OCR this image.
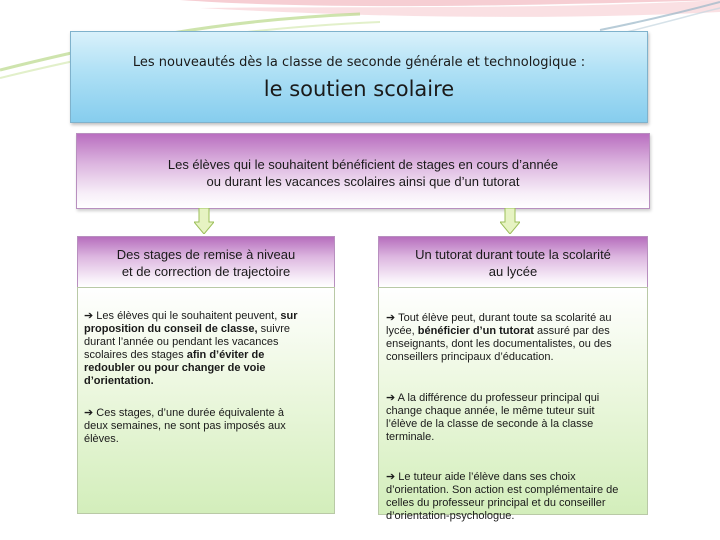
Les nouveautés dès la classe de seconde générale et technologique :
le soutien scolaire
Les élèves qui le souhaitent bénéficient de stages en cours d’année
ou durant les vacances scolaires ainsi que d’un tutorat
Des stages de remise à niveau
et de correction de trajectoire
➔ Les élèves qui le souhaitent peuvent, sur
proposition du conseil de classe, suivre
durant l’année ou pendant les vacances
scolaires des stages afin d’éviter de
redoubler ou pour changer de voie
d’orientation.
➔ Ces stages, d’une durée équivalente à
deux semaines, ne sont pas imposés aux
élèves.
Un tutorat durant toute la scolarité
au lycée
➔ Tout élève peut, durant toute sa scolarité au
lycée, bénéficier d’un tutorat assuré par des
enseignants, dont les documentalistes, ou des
conseillers principaux d’éducation.
➔ A la différence du professeur principal qui
change chaque année, le même tuteur suit
l’élève de la classe de seconde à la classe
terminale.
➔ Le tuteur aide l’élève dans ses choix
d’orientation. Son action est complémentaire de
celles du professeur principal et du conseiller
d’orientation-psychologue.
